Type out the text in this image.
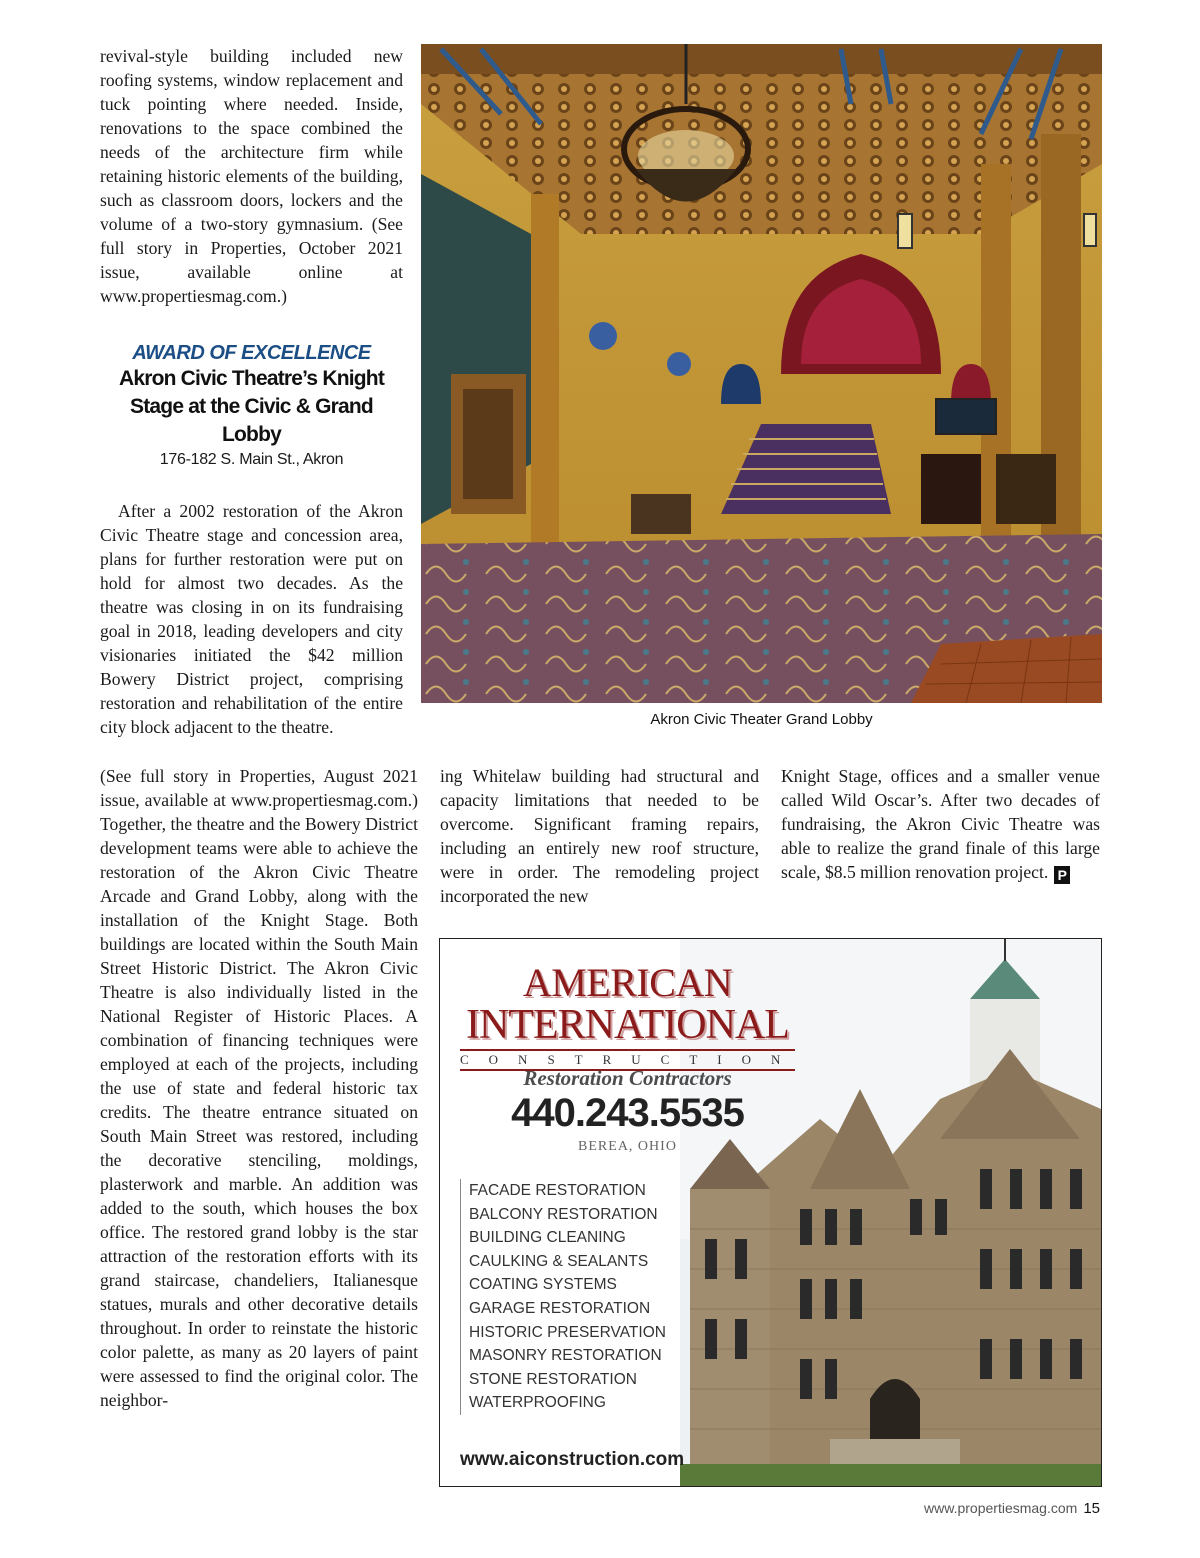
revival-style building included new roofing systems, window replacement and tuck pointing where needed. Inside, renovations to the space combined the needs of the architecture firm while retaining historic elements of the building, such as classroom doors, lockers and the volume of a two-story gymnasium. (See full story in Properties, October 2021 issue, available online at www.propertiesmag.com.)

AWARD OF EXCELLENCE
Akron Civic Theatre’s Knight
Stage at the Civic & Grand Lobby
176-182 S. Main St., Akron

After a 2002 restoration of the Akron Civic Theatre stage and concession area, plans for further restoration were put on hold for almost two decades. As the theatre was closing in on its fundraising goal in 2018, leading developers and city visionaries initiated the $42 million Bowery District project, comprising restoration and rehabilitation of the entire city block adjacent to the theatre.

(See full story in Properties, August 2021 issue, available at www.propertiesmag.com.) Together, the theatre and the Bowery District development teams were able to achieve the restoration of the Akron Civic Theatre Arcade and Grand Lobby, along with the installation of the Knight Stage. Both buildings are located within the South Main Street Historic District. The Akron Civic Theatre is also individually listed in the National Register of Historic Places. A combination of financing techniques were employed at each of the projects, including the use of state and federal historic tax credits. The theatre entrance situated on South Main Street was restored, including the decorative stenciling, moldings, plasterwork and marble. An addition was added to the south, which houses the box office. The restored grand lobby is the star attraction of the restoration efforts with its grand staircase, chandeliers, Italianesque statues, murals and other decorative details throughout. In order to reinstate the historic color palette, as many as 20 layers of paint were assessed to find the original color. The neighbor-

Akron Civic Theater Grand Lobby

ing Whitelaw building had structural and capacity limitations that needed to be overcome. Significant framing repairs, including an entirely new roof structure, were in order. The remodeling project incorporated the new

Knight Stage, offices and a smaller venue called Wild Oscar’s. After two decades of fundraising, the Akron Civic Theatre was able to realize the grand finale of this large scale, $8.5 million renovation project. P

AMERICAN
INTERNATIONAL
CONSTRUCTION
Restoration Contractors
440.243.5535
BEREA, OHIO
FACADE RESTORATION
BALCONY RESTORATION
BUILDING CLEANING
CAULKING & SEALANTS
COATING SYSTEMS
GARAGE RESTORATION
HISTORIC PRESERVATION
MASONRY RESTORATION
STONE RESTORATION
WATERPROOFING
www.aiconstruction.com
www.propertiesmag.com 15
